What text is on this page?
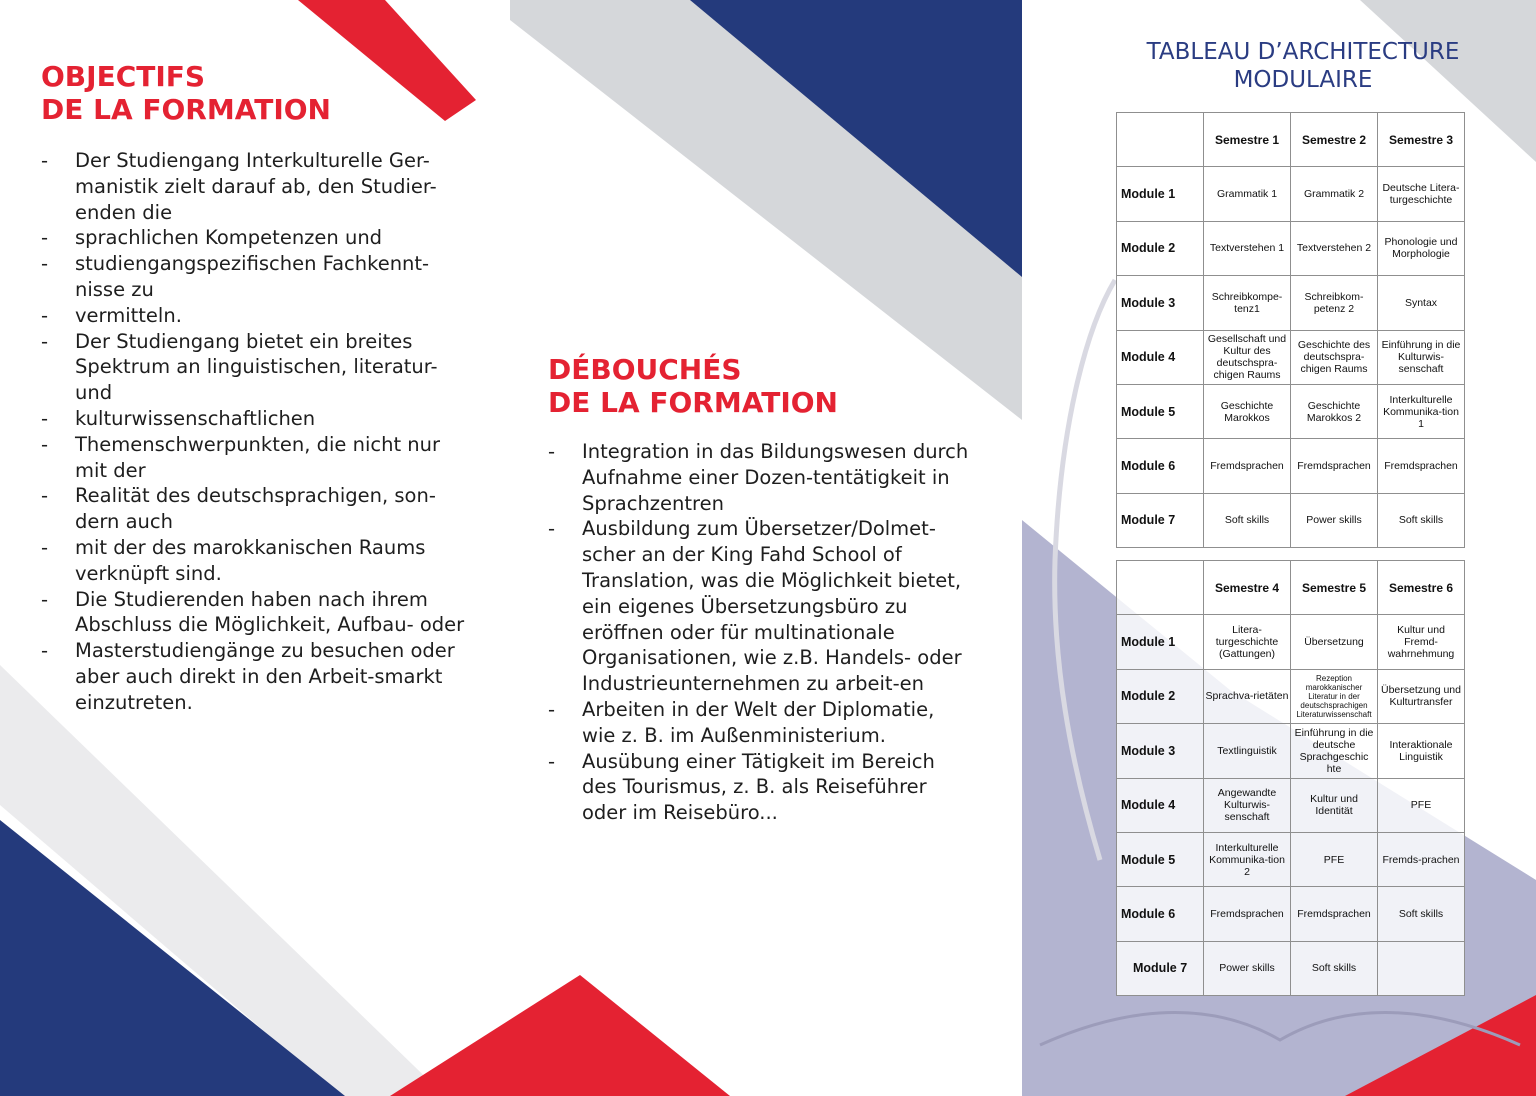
OBJECTIFS
DE LA FORMATION
- Der Studiengang Interkulturelle Ger-manistik zielt darauf ab, den Studier-enden die
- sprachlichen Kompetenzen und
- studiengangspezifischen Fachkennt-nisse zu
- vermitteln.
- Der Studiengang bietet ein breites Spektrum an linguistischen, literatur- und
- kulturwissenschaftlichen
- Themenschwerpunkten, die nicht nur mit der
- Realität des deutschsprachigen, son-dern auch
- mit der des marokkanischen Raums verknüpft sind.
- Die Studierenden haben nach ihrem Abschluss die Möglichkeit, Aufbau- oder
- Masterstudiengänge zu besuchen oder aber auch direkt in den Arbeit-smarkt einzutreten.
DÉBOUCHÉS
DE LA FORMATION
- Integration in das Bildungswesen durch Aufnahme einer Dozen-tentätigkeit in Sprachzentren
- Ausbildung zum Übersetzer/Dolmet-scher an der King Fahd School of Translation, was die Möglichkeit bietet, ein eigenes Übersetzungsbüro zu eröffnen oder für multinationale Organisationen, wie z.B. Handels- oder Industrieunternehmen zu arbeit-en
- Arbeiten in der Welt der Diplomatie, wie z. B. im Außenministerium.
- Ausübung einer Tätigkeit im Bereich des Tourismus, z. B. als Reiseführer oder im Reisebüro...
TABLEAU D’ARCHITECTURE
MODULAIRE
	Semestre 1	Semestre 2	Semestre 3
Module 1	Grammatik 1	Grammatik 2	Deutsche Litera-turgeschichte
Module 2	Textverstehen 1	Textverstehen 2	Phonologie und Morphologie
Module 3	Schreibkompe-tenz1	Schreibkom-petenz 2	Syntax
Module 4	Gesellschaft und Kultur des deutschspra-chigen Raums	Geschichte des deutschspra-chigen Raums	Einführung in die Kulturwis-senschaft
Module 5	Geschichte Marokkos	Geschichte Marokkos 2	Interkulturelle Kommunika-tion 1
Module 6	Fremdsprachen	Fremdsprachen	Fremdsprachen
Module 7	Soft skills	Power skills	Soft skills
	Semestre 4	Semestre 5	Semestre 6
Module 1	Litera-turgeschichte (Gattungen)	Übersetzung	Kultur und Fremd-wahrnehmung
Module 2	Sprachva-rietäten	Rezeption marokkanischer Literatur in der deutschsprachigen Literaturwissenschaft	Übersetzung und Kulturtransfer
Module 3	Textlinguistik	Einführung in die deutsche Sprachgeschic hte	Interaktionale Linguistik
Module 4	Angewandte Kulturwis-senschaft	Kultur und Identität	PFE
Module 5	Interkulturelle Kommunika-tion 2	PFE	Fremds-prachen
Module 6	Fremdsprachen	Fremdsprachen	Soft skills
Module 7	Power skills	Soft skills	
